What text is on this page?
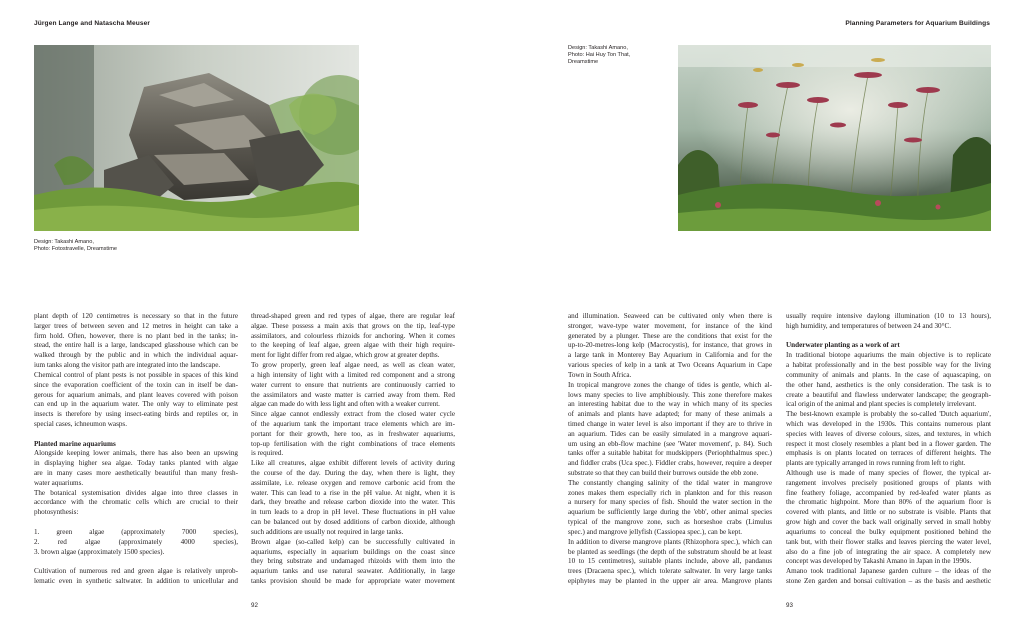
Jürgen Lange and Natascha Meuser	Planning Parameters for Aquarium Buildings
Design: Takashi Amano,
Photo: Fotostravelle, Dreamstime
Design: Takashi Amano,
Photo: Hai Huy Ton That,
Dreamstime
plant depth of 120 centimetres is necessary so that in the future
larger trees of between seven and 12 metres in height can take a
firm hold. Often, however, there is no plant bed in the tanks; in-
stead, the entire hall is a large, landscaped glasshouse which can be
walked through by the public and in which the individual aquar-
ium tanks along the visitor path are integrated into the landscape.
Chemical control of plant pests is not possible in spaces of this kind
since the evaporation coefficient of the toxin can in itself be dan-
gerous for aquarium animals, and plant leaves covered with poison
can end up in the aquarium water. The only way to eliminate pest
insects is therefore by using insect-eating birds and reptiles or, in
special cases, ichneumon wasps.
Planted marine aquariums
Alongside keeping lower animals, there has also been an upswing
in displaying higher sea algae. Today tanks planted with algae
are in many cases more aesthetically beautiful than many fresh-
water aquariums.
The botanical systemisation divides algae into three classes in
accordance with the chromatic cells which are crucial to their
photosynthesis:
1. green algae (approximately 7000 species),
2. red algae (approximately 4000 species),
3. brown algae (approximately 1500 species).
Cultivation of numerous red and green algae is relatively unprob-
lematic even in synthetic saltwater. In addition to unicellular and
thread-shaped green and red types of algae, there are regular leaf
algae. These possess a main axis that grows on the tip, leaf-type
assimilators, and colourless rhizoids for anchoring. When it comes
to the keeping of leaf algae, green algae with their high require-
ment for light differ from red algae, which grow at greater depths.
To grow properly, green leaf algae need, as well as clean water,
a high intensity of light with a limited red component and a strong
water current to ensure that nutrients are continuously carried to
the assimilators and waste matter is carried away from them. Red
algae can made do with less light and often with a weaker current.
Since algae cannot endlessly extract from the closed water cycle
of the aquarium tank the important trace elements which are im-
portant for their growth, here too, as in freshwater aquariums,
top-up fertilisation with the right combinations of trace elements
is required.
Like all creatures, algae exhibit different levels of activity during
the course of the day. During the day, when there is light, they
assimilate, i.e. release oxygen and remove carbonic acid from the
water. This can lead to a rise in the pH value. At night, when it is
dark, they breathe and release carbon dioxide into the water. This
in turn leads to a drop in pH level. These fluctuations in pH value
can be balanced out by dosed additions of carbon dioxide, although
such additions are usually not required in large tanks.
Brown algae (so-called kelp) can be successfully cultivated in
aquariums, especially in aquarium buildings on the coast since
they bring substrate and undamaged rhizoids with them into the
aquarium tanks and use natural seawater. Additionally, in large
tanks provision should be made for appropriate water movement
and illumination. Seaweed can be cultivated only when there is
stronger, wave-type water movement, for instance of the kind
generated by a plunger. These are the conditions that exist for the
up-to-20-metres-long kelp (Macrocystis), for instance, that grows in
a large tank in Monterey Bay Aquarium in California and for the
various species of kelp in a tank at Two Oceans Aquarium in Cape
Town in South Africa.
In tropical mangrove zones the change of tides is gentle, which al-
lows many species to live amphibiously. This zone therefore makes
an interesting habitat due to the way in which many of its species
of animals and plants have adapted; for many of these animals a
timed change in water level is also important if they are to thrive in
an aquarium. Tides can be easily simulated in a mangrove aquari-
um using an ebb-flow machine (see 'Water movement', p. 84). Such
tanks offer a suitable habitat for mudskippers (Periophthalmus spec.)
and fiddler crabs (Uca spec.). Fiddler crabs, however, require a deeper
substrate so that they can build their burrows outside the ebb zone.
The constantly changing salinity of the tidal water in mangrove
zones makes them especially rich in plankton and for this reason
a nursery for many species of fish. Should the water section in the
aquarium be sufficiently large during the 'ebb', other animal species
typical of the mangrove zone, such as horseshoe crabs (Limulus
spec.) and mangrove jellyfish (Cassiopea spec.), can be kept.
In addition to diverse mangrove plants (Rhizophora spec.), which can
be planted as seedlings (the depth of the substratum should be at least
10 to 15 centimetres), suitable plants include, above all, pandanus
trees (Dracaena spec.), which tolerate saltwater. In very large tanks
epiphytes may be planted in the upper air area. Mangrove plants
usually require intensive daylong illumination (10 to 13 hours),
high humidity, and temperatures of between 24 and 30°C.
Underwater planting as a work of art
In traditional biotope aquariums the main objective is to replicate
a habitat professionally and in the best possible way for the living
community of animals and plants. In the case of aquascaping, on
the other hand, aesthetics is the only consideration. The task is to
create a beautiful and flawless underwater landscape; the geograph-
ical origin of the animal and plant species is completely irrelevant.
The best-known example is probably the so-called 'Dutch aquarium',
which was developed in the 1930s. This contains numerous plant
species with leaves of diverse colours, sizes, and textures, in which
respect it most closely resembles a plant bed in a flower garden. The
emphasis is on plants located on terraces of different heights. The
plants are typically arranged in rows running from left to right.
Although use is made of many species of flower, the typical ar-
rangement involves precisely positioned groups of plants with
fine feathery foliage, accompanied by red-leafed water plants as
the chromatic highpoint. More than 80% of the aquarium floor is
covered with plants, and little or no substrate is visible. Plants that
grow high and cover the back wall originally served in small hobby
aquariums to conceal the bulky equipment positioned behind the
tank but, with their flower stalks and leaves piercing the water level,
also do a fine job of integrating the air space. A completely new
concept was developed by Takashi Amano in Japan in the 1990s.
Amano took traditional Japanese garden culture – the ideas of the
stone Zen garden and bonsai cultivation – as the basis and aesthetic
92	93
